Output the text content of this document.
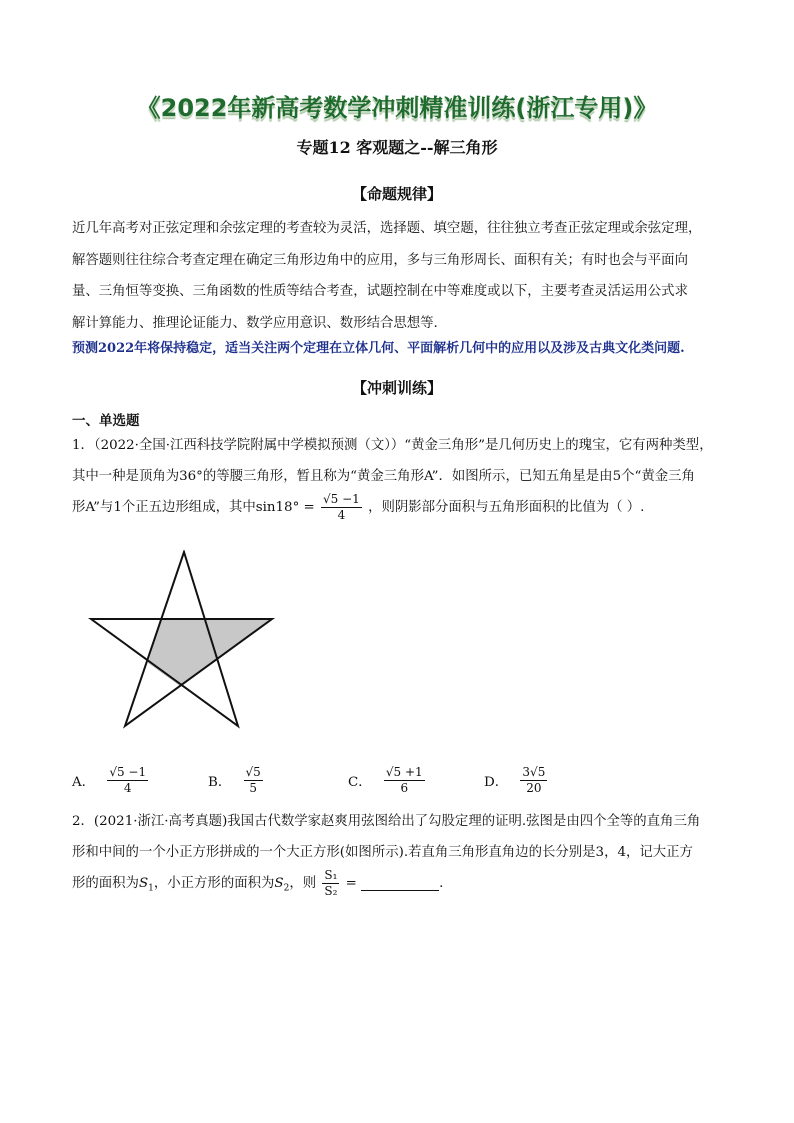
《2022年新高考数学冲刺精准训练(浙江专用)》
专题12 客观题之--解三角形
【命题规律】

近几年高考对正弦定理和余弦定理的考查较为灵活，选择题、填空题，往往独立考查正弦定理或余弦定理，

解答题则往往综合考查定理在确定三角形边角中的应用，多与三角形周长、面积有关；有时也会与平面向

量、三角恒等变换、三角函数的性质等结合考查，试题控制在中等难度或以下，主要考查灵活运用公式求

解计算能力、推理论证能力、数学应用意识、数形结合思想等.

预测2022年将保持稳定，适当关注两个定理在立体几何、平面解析几何中的应用以及涉及古典文化类问题.
【冲刺训练】
一、单选题

1．（2022·全国·江西科技学院附属中学模拟预测（文））“黄金三角形”是几何历史上的瑰宝，它有两种类型，

其中一种是顶角为36°的等腰三角形，暂且称为“黄金三角形A”．如图所示，已知五角星是由5个“黄金三角

形A”与1个正五边形组成，其中$\sin 18^\circ = \frac{√5 -1}{4}$ ，则阴影部分面积与五角形面积的比值为（ ）.

A． $\frac{√5 -1}{4}$	B． $\frac{√5}{5}$	C． $\frac{√5 +1}{6}$	D． $\frac{3√5}{20}$

2．(2021·浙江·高考真题)我国古代数学家赵爽用弦图给出了勾股定理的证明.弦图是由四个全等的直角三角

形和中间的一个小正方形拼成的一个大正方形(如图所示).若直角三角形直角边的长分别是3，4，记大正方

形的面积为$S_1$，小正方形的面积为$S_2$，则 $\frac{\text{S₁}}{\text{S₂}}$ =	.
